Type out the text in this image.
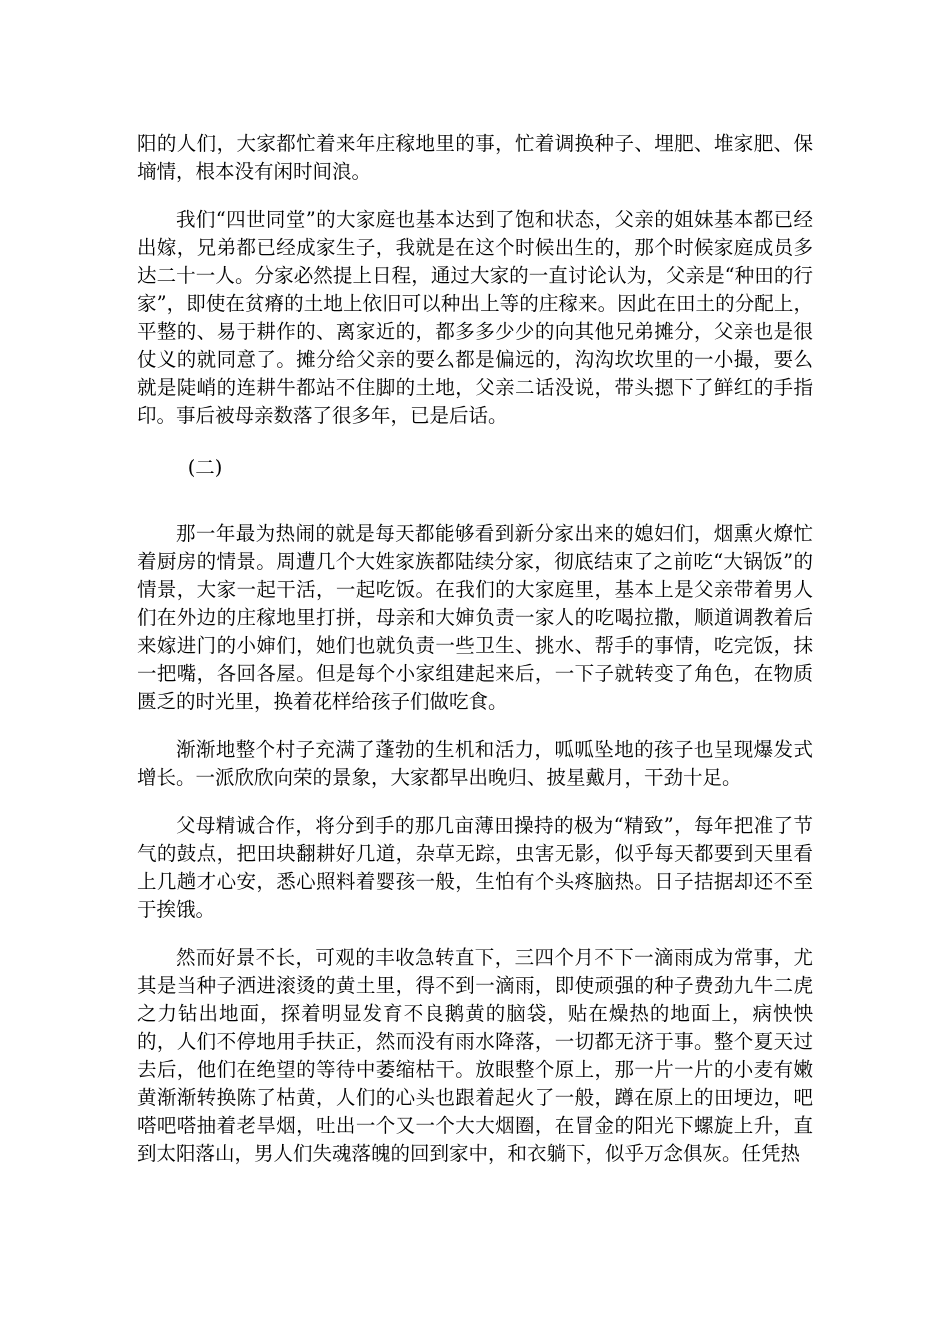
阳的人们，大家都忙着来年庄稼地里的事，忙着调换种子、埋肥、堆家肥、保墒情，根本没有闲时间浪。

我们“四世同堂”的大家庭也基本达到了饱和状态，父亲的姐妹基本都已经出嫁，兄弟都已经成家生子，我就是在这个时候出生的，那个时候家庭成员多达二十一人。分家必然提上日程，通过大家的一直讨论认为，父亲是“种田的行家”，即使在贫瘠的土地上依旧可以种出上等的庄稼来。因此在田土的分配上，平整的、易于耕作的、离家近的，都多多少少的向其他兄弟摊分，父亲也是很仗义的就同意了。摊分给父亲的要么都是偏远的，沟沟坎坎里的一小撮，要么就是陡峭的连耕牛都站不住脚的土地，父亲二话没说，带头摁下了鲜红的手指印。事后被母亲数落了很多年，已是后话。

(二)

那一年最为热闹的就是每天都能够看到新分家出来的媳妇们，烟熏火燎忙着厨房的情景。周遭几个大姓家族都陆续分家，彻底结束了之前吃“大锅饭”的情景，大家一起干活，一起吃饭。在我们的大家庭里，基本上是父亲带着男人们在外边的庄稼地里打拼，母亲和大婶负责一家人的吃喝拉撒，顺道调教着后来嫁进门的小婶们，她们也就负责一些卫生、挑水、帮手的事情，吃完饭，抹一把嘴，各回各屋。但是每个小家组建起来后，一下子就转变了角色，在物质匮乏的时光里，换着花样给孩子们做吃食。

渐渐地整个村子充满了蓬勃的生机和活力，呱呱坠地的孩子也呈现爆发式增长。一派欣欣向荣的景象，大家都早出晚归、披星戴月，干劲十足。

父母精诚合作，将分到手的那几亩薄田操持的极为“精致”，每年把准了节气的鼓点，把田块翻耕好几道，杂草无踪，虫害无影，似乎每天都要到天里看上几趟才心安，悉心照料着婴孩一般，生怕有个头疼脑热。日子拮据却还不至于挨饿。

然而好景不长，可观的丰收急转直下，三四个月不下一滴雨成为常事，尤其是当种子洒进滚烫的黄土里，得不到一滴雨，即使顽强的种子费劲九牛二虎之力钻出地面，探着明显发育不良鹅黄的脑袋，贴在燥热的地面上，病怏怏的，人们不停地用手扶正，然而没有雨水降落，一切都无济于事。整个夏天过去后，他们在绝望的等待中萎缩枯干。放眼整个原上，那一片一片的小麦有嫩黄渐渐转换陈了枯黄，人们的心头也跟着起火了一般，蹲在原上的田埂边，吧嗒吧嗒抽着老旱烟，吐出一个又一个大大烟圈，在冒金的阳光下螺旋上升，直到太阳落山，男人们失魂落魄的回到家中，和衣躺下，似乎万念俱灰。任凭热
